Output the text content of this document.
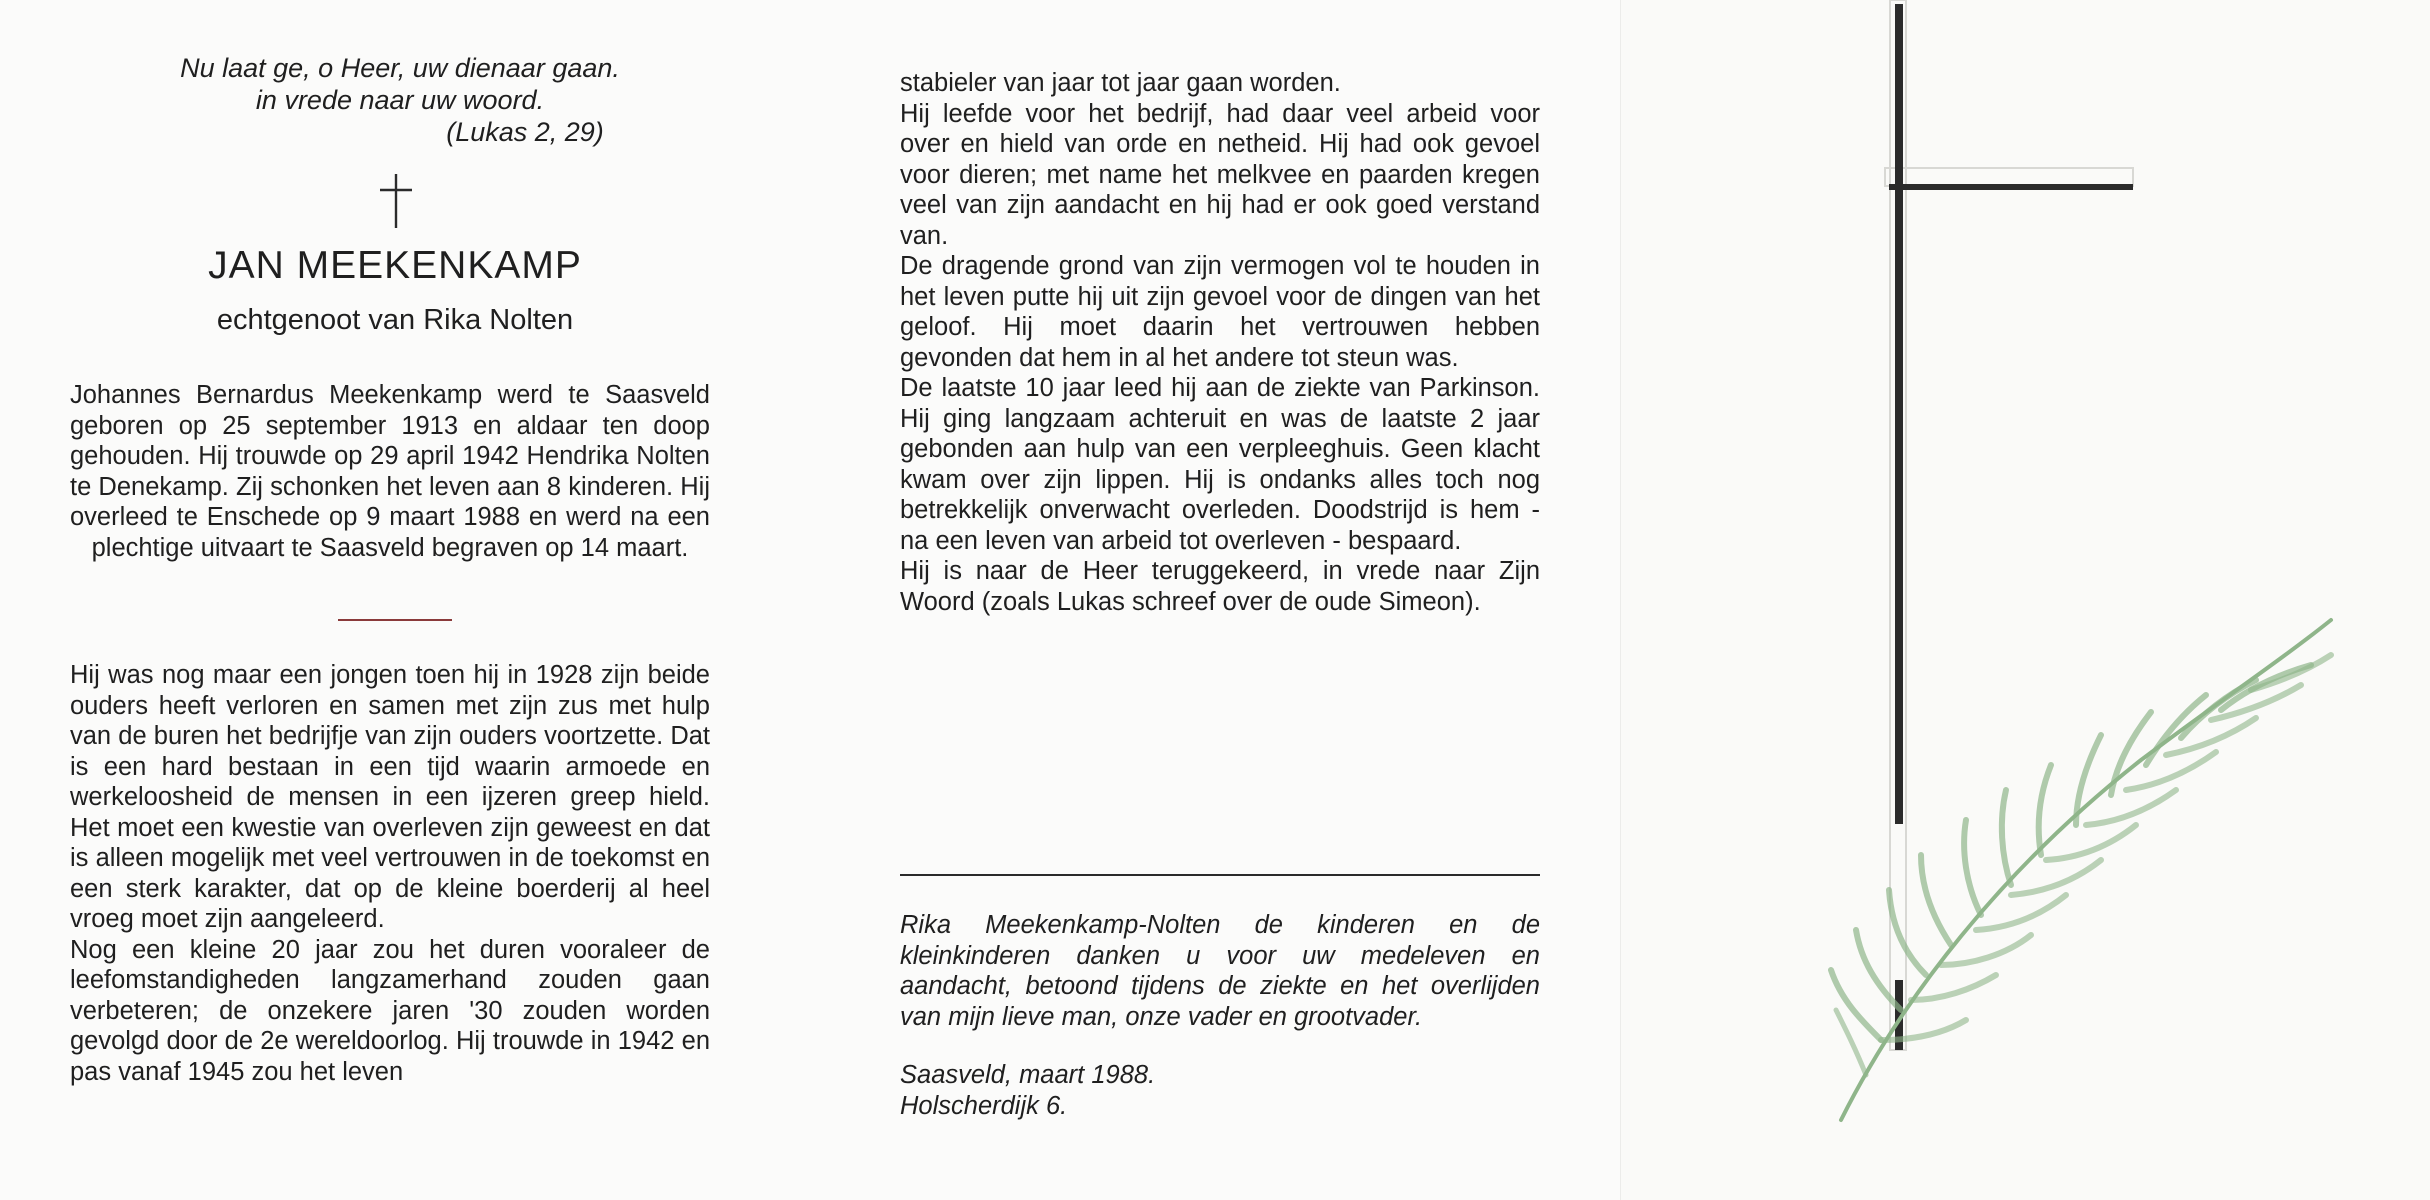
Nu laat ge, o Heer, uw dienaar gaan.
in vrede naar uw woord.

(Lukas 2, 29)
JAN MEEKENKAMP
echtgenoot van Rika Nolten
Johannes Bernardus Meekenkamp werd te Saasveld geboren op 25 september 1913 en aldaar ten doop gehouden. Hij trouwde op 29 april 1942 Hendrika Nolten te Denekamp. Zij schonken het leven aan 8 kinderen. Hij overleed te Enschede op 9 maart 1988 en werd na een plechtige uitvaart te Saasveld begraven op 14 maart.

Hij was nog maar een jongen toen hij in 1928 zijn beide ouders heeft verloren en samen met zijn zus met hulp van de buren het bedrijfje van zijn ouders voortzette. Dat is een hard bestaan in een tijd waarin armoede en werkeloosheid de mensen in een ijzeren greep hield. Het moet een kwestie van overleven zijn geweest en dat is alleen mogelijk met veel vertrouwen in de toekomst en een sterk karakter, dat op de kleine boerderij al heel vroeg moet zijn aangeleerd.

Nog een kleine 20 jaar zou het duren vooraleer de leefomstandigheden langzamerhand zouden gaan verbeteren; de onzekere jaren '30 zouden worden gevolgd door de 2e wereldoorlog. Hij trouwde in 1942 en pas vanaf 1945 zou het leven

stabieler van jaar tot jaar gaan worden.

Hij leefde voor het bedrijf, had daar veel arbeid voor over en hield van orde en netheid. Hij had ook gevoel voor dieren; met name het melkvee en paarden kregen veel van zijn aandacht en hij had er ook goed verstand van.

De dragende grond van zijn vermogen vol te houden in het leven putte hij uit zijn gevoel voor de dingen van het geloof. Hij moet daarin het vertrouwen hebben gevonden dat hem in al het andere tot steun was.

De laatste 10 jaar leed hij aan de ziekte van Parkinson. Hij ging langzaam achteruit en was de laatste 2 jaar gebonden aan hulp van een verpleeghuis. Geen klacht kwam over zijn lippen. Hij is ondanks alles toch nog betrekkelijk onverwacht overleden. Doodstrijd is hem - na een leven van arbeid tot overleven - bespaard.

Hij is naar de Heer teruggekeerd, in vrede naar Zijn Woord (zoals Lukas schreef over de oude Simeon).

Rika Meekenkamp-Nolten de kinderen en de kleinkinderen danken u voor uw medeleven en aandacht, betoond tijdens de ziekte en het overlijden van mijn lieve man, onze vader en grootvader.
Saasveld, maart 1988.
Holscherdijk 6.
